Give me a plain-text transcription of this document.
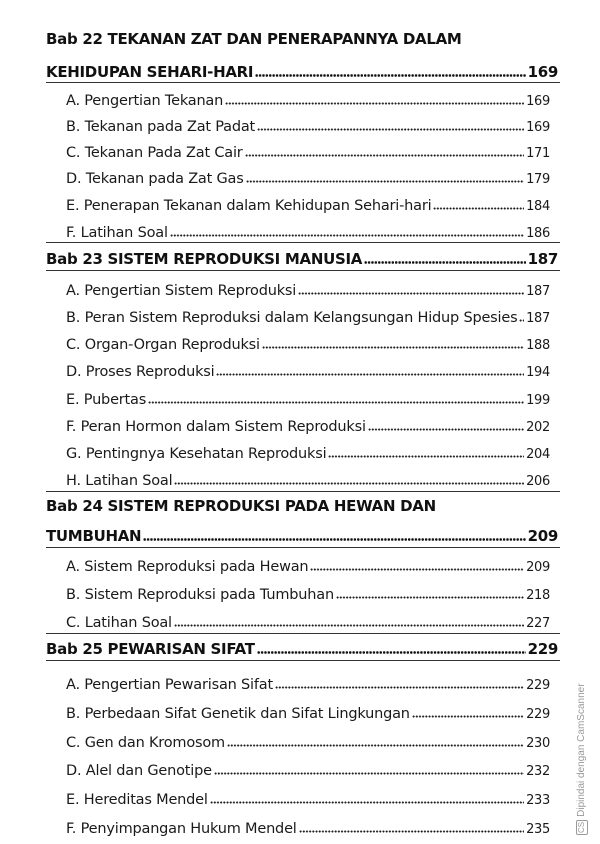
Bab 22 TEKANAN ZAT DAN PENERAPANNYA DALAM
KEHIDUPAN SEHARI-HARI	169
A. Pengertian Tekanan	169
B. Tekanan pada Zat Padat	169
C. Tekanan Pada Zat Cair	171
D. Tekanan pada Zat Gas	179
E. Penerapan Tekanan dalam Kehidupan Sehari-hari	184
F. Latihan Soal	186
Bab 23 SISTEM REPRODUKSI MANUSIA	187
A. Pengertian Sistem Reproduksi	187
B. Peran Sistem Reproduksi dalam Kelangsungan Hidup Spesies 187
C. Organ-Organ Reproduksi	188
D. Proses Reproduksi	194
E. Pubertas	199
F. Peran Hormon dalam Sistem Reproduksi	202
G. Pentingnya Kesehatan Reproduksi	204
H. Latihan Soal	206
Bab 24 SISTEM REPRODUKSI PADA HEWAN DAN
TUMBUHAN	209
A. Sistem Reproduksi pada Hewan	209
B. Sistem Reproduksi pada Tumbuhan	218
C. Latihan Soal	227
Bab 25 PEWARISAN SIFAT	229
A. Pengertian Pewarisan Sifat	229
B. Perbedaan Sifat Genetik dan Sifat Lingkungan	229
C. Gen dan Kromosom	230
D. Alel dan Genotipe	232
E. Hereditas Mendel	233
F. Penyimpangan Hukum Mendel	235	CSDipindai dengan CamScanner
